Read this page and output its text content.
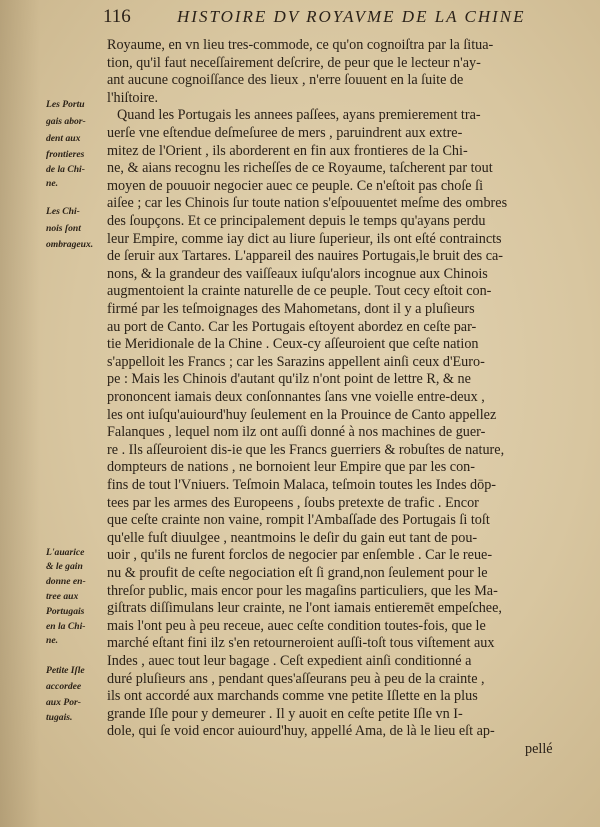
116	HISTOIRE DV ROYAVME DE LA CHINE
Royaume, en vn lieu tres-commode, ce qu'on cognoiſtra par la ſitua-
tion, qu'il faut neceſſairement deſcrire, de peur que le lecteur n'ay-
ant aucune cognoiſſance des lieux , n'erre ſouuent en la ſuite de
l'hiſtoire.
Quand les Portugais les annees paſſees, ayans premierement tra-
uerſe vne eſtendue deſmeſuree de mers , paruindrent aux extre-
mitez de l'Orient , ils aborderent en fin aux frontieres de la Chi-
ne, & aians recognu les richeſſes de ce Royaume, taſcherent par tout
moyen de pouuoir negocier auec ce peuple. Ce n'eſtoit pas choſe ſi
aiſee ; car les Chinois ſur toute nation s'eſpouuentet meſme des ombres
des ſoupçons. Et ce principalement depuis le temps qu'ayans perdu
leur Empire, comme iay dict au liure ſuperieur, ils ont eſté contraincts
de ſeruir aux Tartares. L'appareil des nauires Portugais,le bruit des ca-
nons, & la grandeur des vaiſſeaux iuſqu'alors incognue aux Chinois
augmentoient la crainte naturelle de ce peuple. Tout cecy eſtoit con-
firmé par les teſmoignages des Mahometans, dont il y a pluſieurs
au port de Canto. Car les Portugais eſtoyent abordez en ceſte par-
tie Meridionale de la Chine . Ceux-cy aſſeuroient que ceſte nation
s'appelloit les Francs ; car les Sarazins appellent ainſi ceux d'Euro-
pe : Mais les Chinois d'autant qu'ilz n'ont point de lettre R, & ne
prononcent iamais deux conſonnantes ſans vne voielle entre-deux ,
les ont iuſqu'auiourd'huy ſeulement en la Prouince de Canto appellez
Falanques , lequel nom ilz ont auſſi donné à nos machines de guer-
re . Ils aſſeuroient dis-ie que les Francs guerriers & robuſtes de nature,
dompteurs de nations , ne bornoient leur Empire que par les con-
fins de tout l'Vniuers. Teſmoin Malaca, teſmoin toutes les Indes dōp-
tees par les armes des Europeens , ſoubs pretexte de trafic . Encor
que ceſte crainte non vaine, rompit l'Ambaſſade des Portugais ſi toſt
qu'elle fuſt diuulgee , neantmoins le deſir du gain eut tant de pou-
uoir , qu'ils ne furent forclos de negocier par enſemble . Car le reue-
nu & proufit de ceſte negociation eſt ſi grand,non ſeulement pour le
threſor public, mais encor pour les magaſins particuliers, que les Ma-
giſtrats diſſimulans leur crainte, ne l'ont iamais entieremēt empeſchee,
mais l'ont peu à peu receue, auec ceſte condition toutes-fois, que le
marché eſtant fini ilz s'en retourneroient auſſi-toſt tous viſtement aux
Indes , auec tout leur bagage . Ceſt expedient ainſi conditionné a
duré pluſieurs ans , pendant ques'aſſeurans peu à peu de la crainte ,
ils ont accordé aux marchands comme vne petite Iſlette en la plus
grande Iſle pour y demeurer . Il y auoit en ceſte petite Iſle vn I-
dole, qui ſe void encor auiourd'huy, appellé Ama, de là le lieu eſt ap-
pellé
Les Portu
gais abor-
dent aux
frontieres
de la Chi-
ne.
Les Chi-
nois ſont
ombrageux.
L'auarice
& le gain
donne en-
tree aux
Portugais
en la Chi-
ne.
Petite Iſle
accordee
aux Por-
tugais.
